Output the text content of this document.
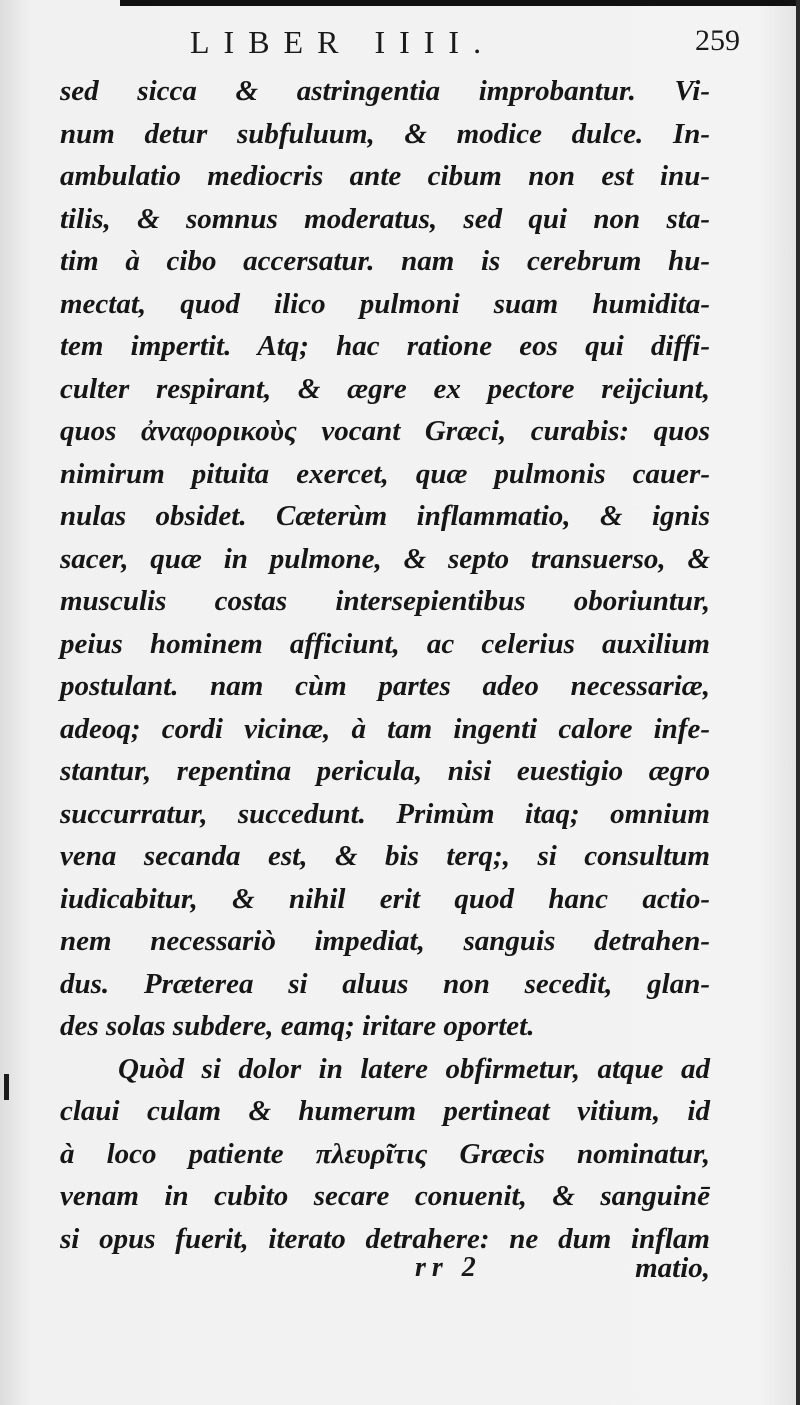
LIBER IIII.	259
sed sicca & astringentia improbantur. Vi-
num detur subfuluum, & modice dulce. In-
ambulatio mediocris ante cibum non est inu-
tilis, & somnus moderatus, sed qui non sta-
tim à cibo accersatur. nam is cerebrum hu-
mectat, quod ilico pulmoni suam humidita-
tem impertit. Atq; hac ratione eos qui diffi-
culter respirant, & ægre ex pectore reijciunt,
quos ἀναφορικοὺς vocant Græci, curabis: quos
nimirum pituita exercet, quæ pulmonis cauer-
nulas obsidet. Cæterùm inflammatio, & ignis
sacer, quæ in pulmone, & septo transuerso, &
musculis costas intersepientibus oboriuntur,
peius hominem afficiunt, ac celerius auxilium
postulant. nam cùm partes adeo necessariæ,
adeoq; cordi vicinæ, à tam ingenti calore infe-
stantur, repentina pericula, nisi euestigio ægro
succurratur, succedunt. Primùm itaq; omnium
vena secanda est, & bis terq;, si consultum
iudicabitur, & nihil erit quod hanc actio-
nem necessariò impediat, sanguis detrahen-
dus. Præterea si aluus non secedit, glan-
des solas subdere, eamq; iritare oportet.
Quòd si dolor in latere obfirmetur, atque ad
claui culam & humerum pertineat vitium, id
à loco patiente πλευρῖτις Græcis nominatur,
venam in cubito secare conuenit, & sanguinē
si opus fuerit, iterato detrahere: ne dum inflam
rr 2	matio,
